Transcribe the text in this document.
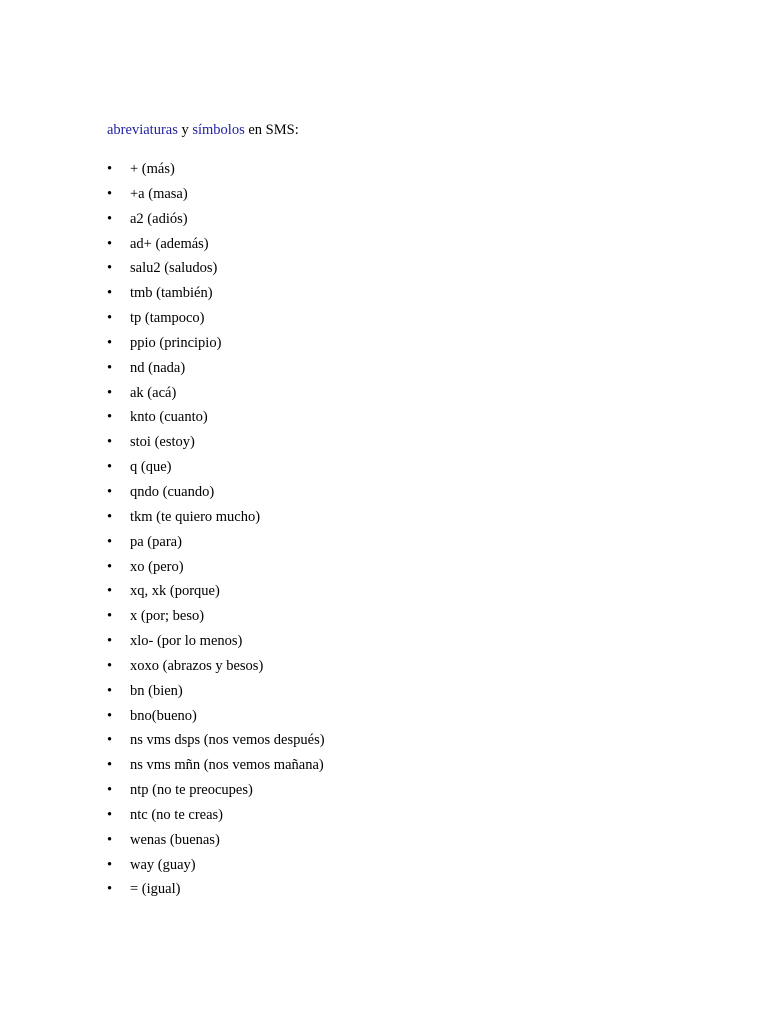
abreviaturas y símbolos en SMS:

•	+ (más)
•	+a (masa)
•	a2 (adiós)
•	ad+ (además)
•	salu2 (saludos)
•	tmb (también)
•	tp (tampoco)
•	ppio (principio)
•	nd (nada)
•	ak (acá)
•	knto (cuanto)
•	stoi (estoy)
•	q (que)
•	qndo (cuando)
•	tkm (te quiero mucho)
•	pa (para)
•	xo (pero)
•	xq, xk (porque)
•	x (por; beso)
•	xlo- (por lo menos)
•	xoxo (abrazos y besos)
•	bn (bien)
•	bno(bueno)
•	ns vms dsps (nos vemos después)
•	ns vms mñn (nos vemos mañana)
•	ntp (no te preocupes)
•	ntc (no te creas)
•	wenas (buenas)
•	way (guay)
•	= (igual)
